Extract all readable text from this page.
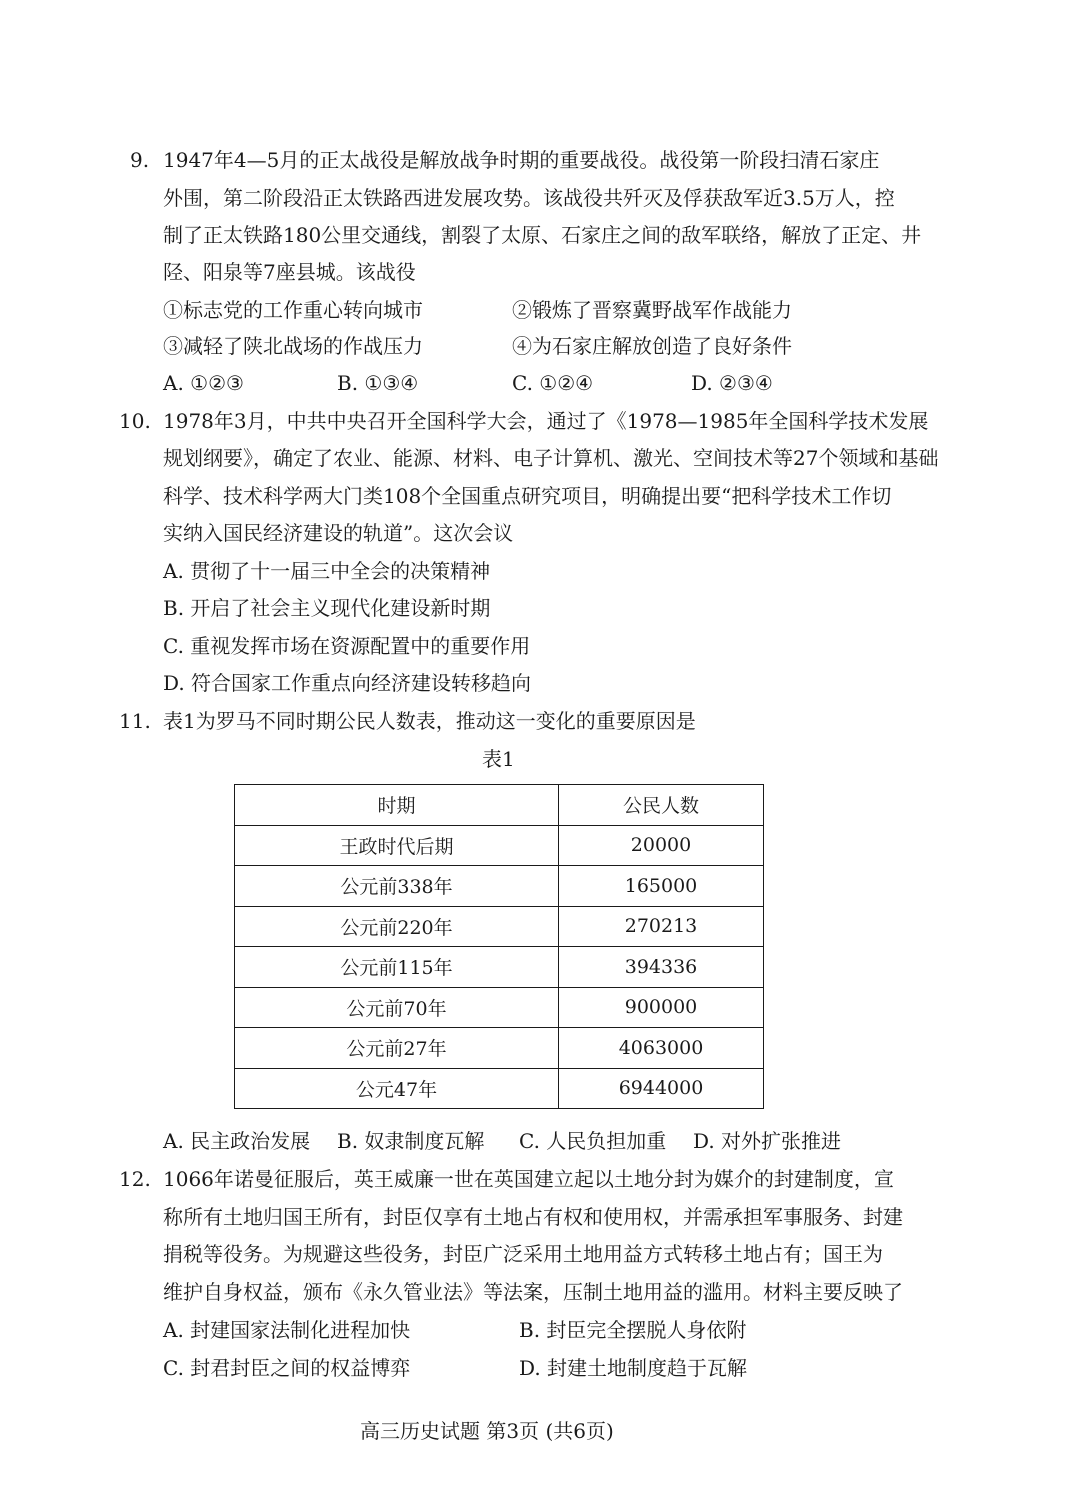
9. 1947年4—5月的正太战役是解放战争时期的重要战役。战役第一阶段扫清石家庄
外围，第二阶段沿正太铁路西进发展攻势。该战役共歼灭及俘获敌军近3.5万人，控
制了正太铁路180公里交通线，割裂了太原、石家庄之间的敌军联络，解放了正定、井
陉、阳泉等7座县城。该战役
①标志党的工作重心转向城市	②锻炼了晋察冀野战军作战能力
③减轻了陕北战场的作战压力	④为石家庄解放创造了良好条件
A. ①②③	B. ①③④	C. ①②④	D. ②③④
10. 1978年3月，中共中央召开全国科学大会，通过了《1978—1985年全国科学技术发展
规划纲要》，确定了农业、能源、材料、电子计算机、激光、空间技术等27个领域和基础
科学、技术科学两大门类108个全国重点研究项目，明确提出要“把科学技术工作切
实纳入国民经济建设的轨道”。这次会议
A. 贯彻了十一届三中全会的决策精神
B. 开启了社会主义现代化建设新时期
C. 重视发挥市场在资源配置中的重要作用
D. 符合国家工作重点向经济建设转移趋向
11. 表1为罗马不同时期公民人数表，推动这一变化的重要原因是
表1
时期	公民人数
王政时代后期	20000
公元前338年	165000
公元前220年	270213
公元前115年	394336
公元前70年	900000
公元前27年	4063000
公元47年	6944000
A. 民主政治发展 B. 奴隶制度瓦解 C. 人民负担加重 D. 对外扩张推进
12. 1066年诺曼征服后，英王威廉一世在英国建立起以土地分封为媒介的封建制度，宣
称所有土地归国王所有，封臣仅享有土地占有权和使用权，并需承担军事服务、封建
捐税等役务。为规避这些役务，封臣广泛采用土地用益方式转移土地占有；国王为
维护自身权益，颁布《永久管业法》等法案，压制土地用益的滥用。材料主要反映了
A. 封建国家法制化进程加快	B. 封臣完全摆脱人身依附
C. 封君封臣之间的权益博弈	D. 封建土地制度趋于瓦解
高三历史试题 第3页 (共6页)
